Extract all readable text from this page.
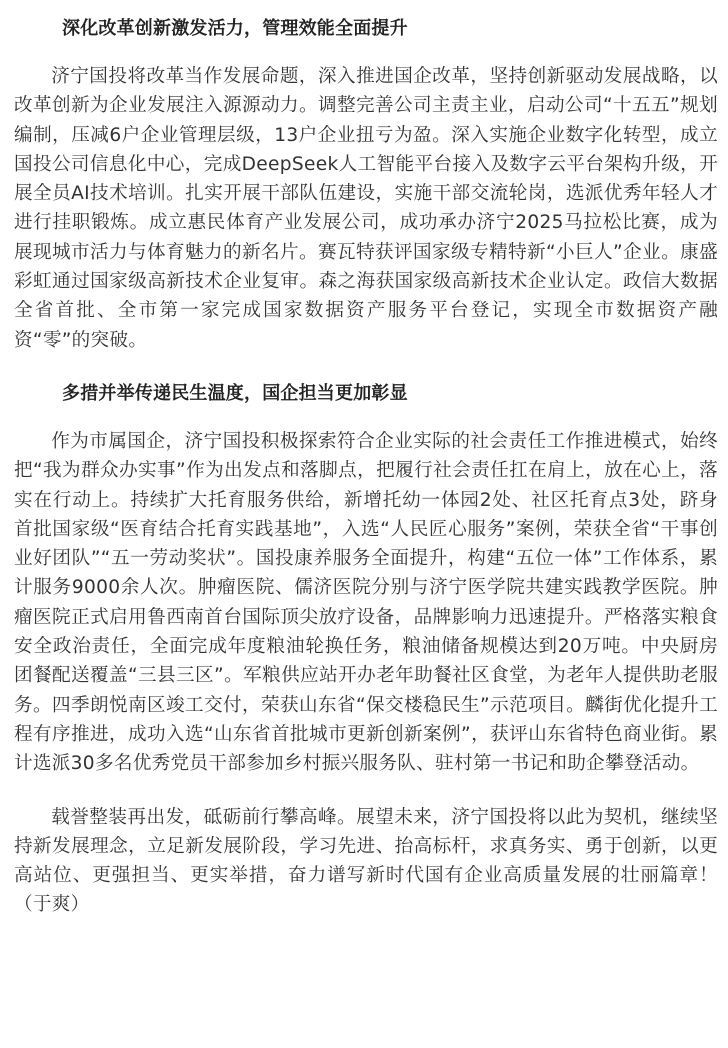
深化改革创新激发活力，管理效能全面提升

济宁国投将改革当作发展命题，深入推进国企改革，坚持创新驱动发展战略，以改革创新为企业发展注入源源动力。调整完善公司主责主业，启动公司“十五五”规划编制，压减6户企业管理层级，13户企业扭亏为盈。深入实施企业数字化转型，成立国投公司信息化中心，完成DeepSeek人工智能平台接入及数字云平台架构升级，开展全员AI技术培训。扎实开展干部队伍建设，实施干部交流轮岗，选派优秀年轻人才进行挂职锻炼。成立惠民体育产业发展公司，成功承办济宁2025马拉松比赛，成为展现城市活力与体育魅力的新名片。赛瓦特获评国家级专精特新“小巨人”企业。康盛彩虹通过国家级高新技术企业复审。森之海获国家级高新技术企业认定。政信大数据全省首批、全市第一家完成国家数据资产服务平台登记，实现全市数据资产融资“零”的突破。

多措并举传递民生温度，国企担当更加彰显

作为市属国企，济宁国投积极探索符合企业实际的社会责任工作推进模式，始终把“我为群众办实事”作为出发点和落脚点，把履行社会责任扛在肩上，放在心上，落实在行动上。持续扩大托育服务供给，新增托幼一体园2处、社区托育点3处，跻身首批国家级“医育结合托育实践基地”，入选“人民匠心服务”案例，荣获全省“干事创业好团队”“五一劳动奖状”。国投康养服务全面提升，构建“五位一体”工作体系，累计服务9000余人次。肿瘤医院、儒济医院分别与济宁医学院共建实践教学医院。肿瘤医院正式启用鲁西南首台国际顶尖放疗设备，品牌影响力迅速提升。严格落实粮食安全政治责任，全面完成年度粮油轮换任务，粮油储备规模达到20万吨。中央厨房团餐配送覆盖“三县三区”。军粮供应站开办老年助餐社区食堂，为老年人提供助老服务。四季朗悦南区竣工交付，荣获山东省“保交楼稳民生”示范项目。麟街优化提升工程有序推进，成功入选“山东省首批城市更新创新案例”，获评山东省特色商业街。累计选派30多名优秀党员干部参加乡村振兴服务队、驻村第一书记和助企攀登活动。

载誉整装再出发，砥砺前行攀高峰。展望未来，济宁国投将以此为契机，继续坚持新发展理念，立足新发展阶段，学习先进、抬高标杆，求真务实、勇于创新，以更高站位、更强担当、更实举措，奋力谱写新时代国有企业高质量发展的壮丽篇章！（于爽）
